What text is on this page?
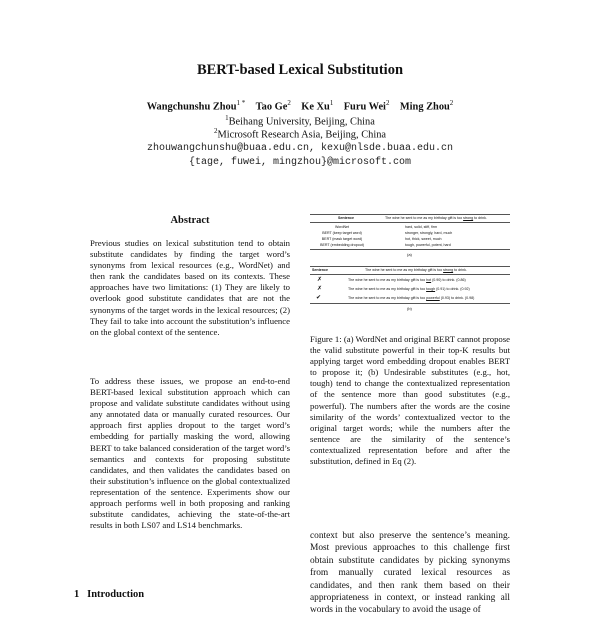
BERT-based Lexical Substitution
Wangchunshu Zhou$^{1 *}$ Tao Ge$^2$ Ke Xu$^1$ Furu Wei$^2$ Ming Zhou$^2$
$^1$Beihang University, Beijing, China
$^2$Microsoft Research Asia, Beijing, China
zhouwangchunshu@buaa.edu.cn, kexu@nlsde.buaa.edu.cn
{tage, fuwei, mingzhou}@microsoft.com
Abstract
Previous studies on lexical substitution tend to obtain substitute candidates by finding the target word’s synonyms from lexical resources (e.g., WordNet) and then rank the candidates based on its contexts. These approaches have two limitations: (1) They are likely to overlook good substitute candidates that are not the synonyms of the target words in the lexical resources; (2) They fail to take into account the substitution’s influence on the global context of the sentence.
To address these issues, we propose an end-to-end BERT-based lexical substitution approach which can propose and validate substitute candidates without using any annotated data or manually curated resources. Our approach first applies dropout to the target word’s embedding for partially masking the word, allowing BERT to take balanced consideration of the target word’s semantics and contexts for proposing substitute candidates, and then validates the candidates based on their substitution’s influence on the global contextualized representation of the sentence. Experiments show our approach performs well in both proposing and ranking substitute candidates, achieving the state-of-the-art results in both LS07 and LS14 benchmarks.
1 Introduction
Sentence	The wine he sent to me as my birthday gift is too strong to drink.
WordNet	hard, solid, stiff, firm
BERT (keep target word)	stronger, strongly, hard, much
BERT (mask target word)	hot, thick, sweet, much
BERT (embedding dropout)	tough, powerful, potent, hard
(a)
Sentence	The wine he sent to me as my birthday gift is too strong to drink.
✗	The wine he sent to me as my birthday gift is too hot (0.90) to drink. (0.86)
✗	The wine he sent to me as my birthday gift is too tough (0.91) to drink. (0.92)
✔	The wine he sent to me as my birthday gift is too powerful (0.93) to drink. (0.98)
(b)
Figure 1: (a) WordNet and original BERT cannot propose the valid substitute powerful in their top-K results but applying target word embedding dropout enables BERT to propose it; (b) Undesirable substitutes (e.g., hot, tough) tend to change the contextualized representation of the sentence more than good substitutes (e.g., powerful). The numbers after the words are the cosine similarity of the words’ contextualized vector to the original target words; while the numbers after the sentence are the similarity of the sentence’s contextualized representation before and after the substitution, defined in Eq (2).
context but also preserve the sentence’s meaning. Most previous approaches to this challenge first obtain substitute candidates by picking synonyms from manually curated lexical resources as candidates, and then rank them based on their appropriateness in context, or instead ranking all words in the vocabulary to avoid the usage of
